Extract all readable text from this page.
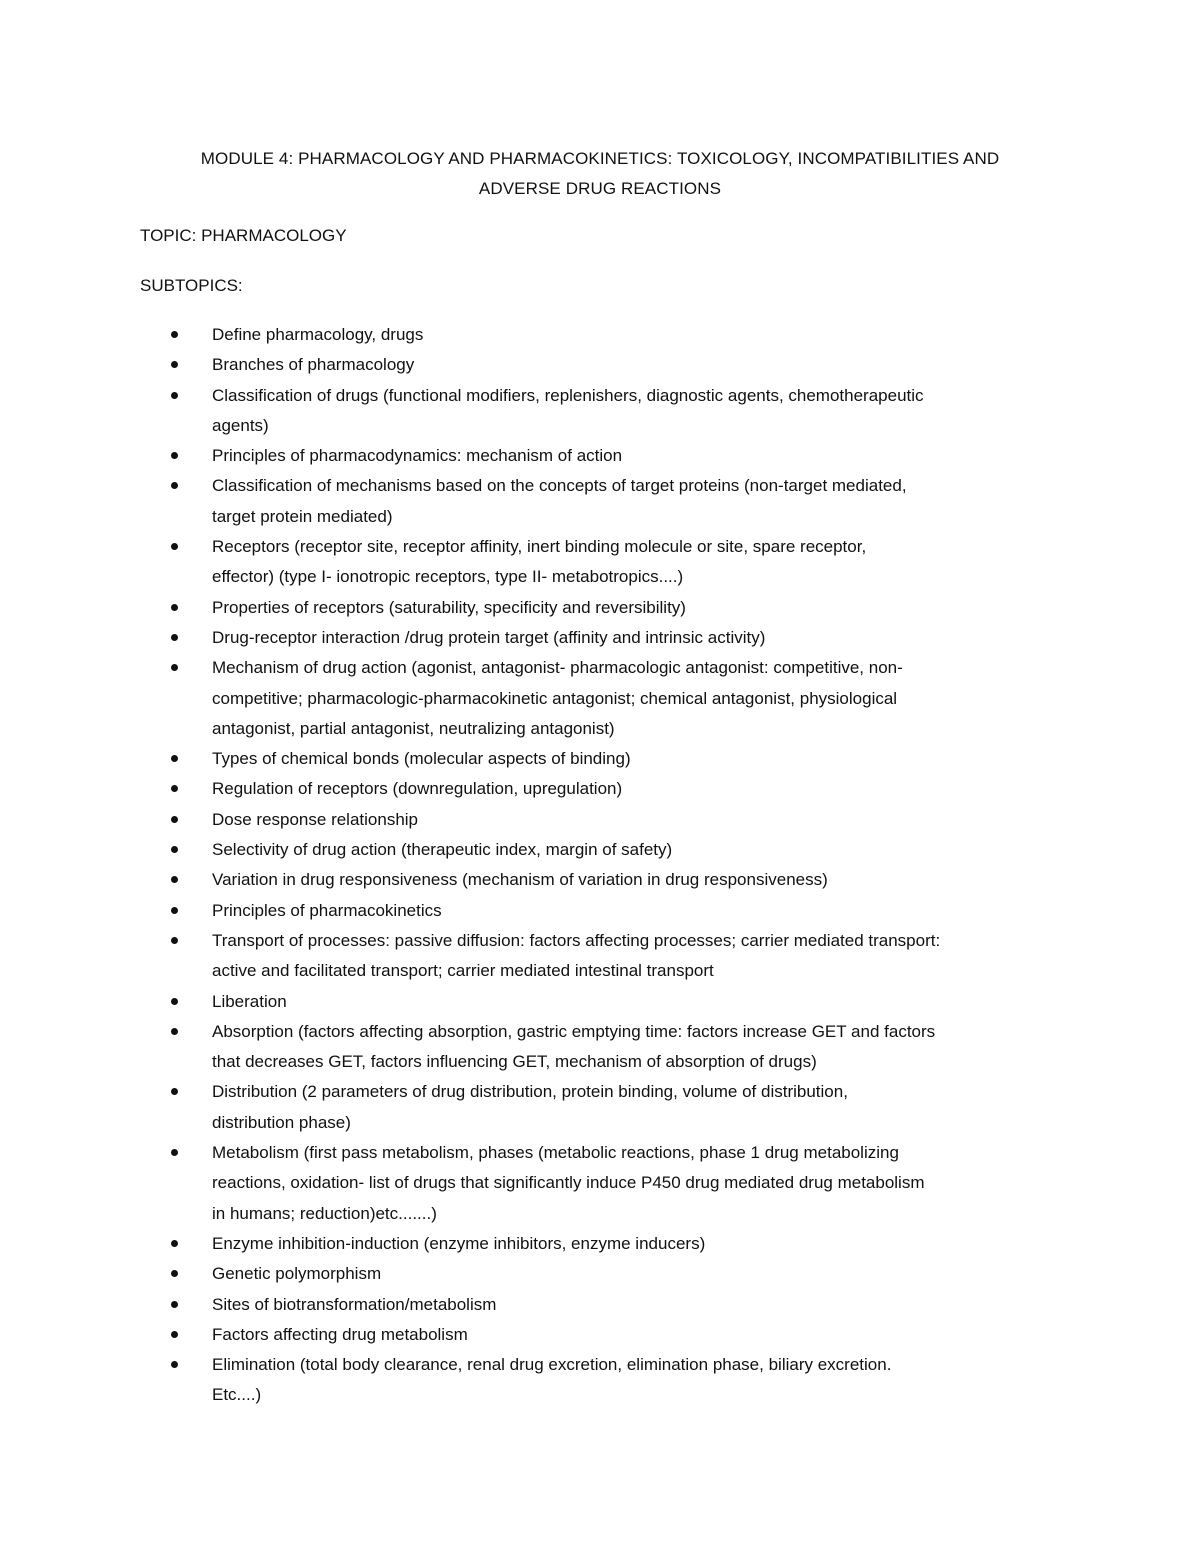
MODULE 4: PHARMACOLOGY AND PHARMACOKINETICS: TOXICOLOGY, INCOMPATIBILITIES AND
ADVERSE DRUG REACTIONS
TOPIC: PHARMACOLOGY
SUBTOPICS:
Define pharmacology, drugs
Branches of pharmacology
Classification of drugs (functional modifiers, replenishers, diagnostic agents, chemotherapeutic
agents)
Principles of pharmacodynamics: mechanism of action
Classification of mechanisms based on the concepts of target proteins (non-target mediated,
target protein mediated)
Receptors (receptor site, receptor affinity, inert binding molecule or site, spare receptor,
effector) (type I- ionotropic receptors, type II- metabotropics....)
Properties of receptors (saturability, specificity and reversibility)
Drug-receptor interaction /drug protein target (affinity and intrinsic activity)
Mechanism of drug action (agonist, antagonist- pharmacologic antagonist: competitive, non-
competitive; pharmacologic-pharmacokinetic antagonist; chemical antagonist, physiological
antagonist, partial antagonist, neutralizing antagonist)
Types of chemical bonds (molecular aspects of binding)
Regulation of receptors (downregulation, upregulation)
Dose response relationship
Selectivity of drug action (therapeutic index, margin of safety)
Variation in drug responsiveness (mechanism of variation in drug responsiveness)
Principles of pharmacokinetics
Transport of processes: passive diffusion: factors affecting processes; carrier mediated transport:
active and facilitated transport; carrier mediated intestinal transport
Liberation
Absorption (factors affecting absorption, gastric emptying time: factors increase GET and factors
that decreases GET, factors influencing GET, mechanism of absorption of drugs)
Distribution (2 parameters of drug distribution, protein binding, volume of distribution,
distribution phase)
Metabolism (first pass metabolism, phases (metabolic reactions, phase 1 drug metabolizing
reactions, oxidation- list of drugs that significantly induce P450 drug mediated drug metabolism
in humans; reduction)etc.......)
Enzyme inhibition-induction (enzyme inhibitors, enzyme inducers)
Genetic polymorphism
Sites of biotransformation/metabolism
Factors affecting drug metabolism
Elimination (total body clearance, renal drug excretion, elimination phase, biliary excretion.
Etc....)
